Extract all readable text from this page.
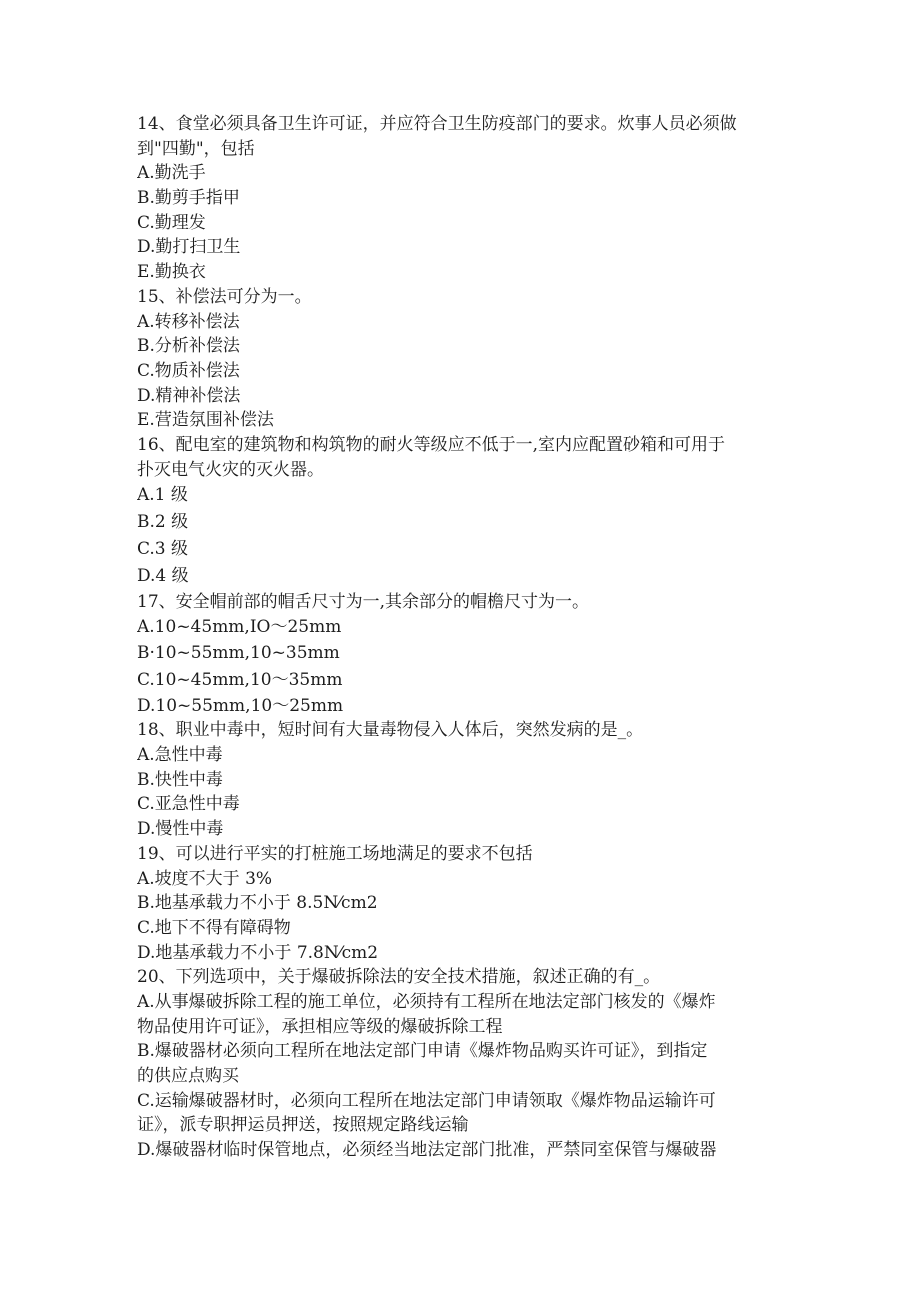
14、食堂必须具备卫生许可证，并应符合卫生防疫部门的要求。炊事人员必须做
到"四勤"，包括
A.勤洗手
B.勤剪手指甲
C.勤理发
D.勤打扫卫生
E.勤换衣
15、补偿法可分为一。
A.转移补偿法
B.分析补偿法
C.物质补偿法
D.精神补偿法
E.营造氛围补偿法
16、配电室的建筑物和构筑物的耐火等级应不低于一,室内应配置砂箱和可用于
扑灭电气火灾的灭火器。
A.1 级
B.2 级
C.3 级
D.4 级
17、安全帽前部的帽舌尺寸为一,其余部分的帽檐尺寸为一。
A.10~45mm,IO～25mm
B·10~55mm,10~35mm
C.10~45mm,10～35mm
D.10~55mm,10～25mm
18、职业中毒中，短时间有大量毒物侵入人体后，突然发病的是_。
A.急性中毒
B.快性中毒
C.亚急性中毒
D.慢性中毒
19、可以进行平实的打桩施工场地满足的要求不包括
A.坡度不大于 3%
B.地基承载力不小于 8.5N⁄cm2
C.地下不得有障碍物
D.地基承载力不小于 7.8N⁄cm2
20、下列选项中，关于爆破拆除法的安全技术措施，叙述正确的有_。
A.从事爆破拆除工程的施工单位，必须持有工程所在地法定部门核发的《爆炸
物品使用许可证》，承担相应等级的爆破拆除工程
B.爆破器材必须向工程所在地法定部门申请《爆炸物品购买许可证》，到指定
的供应点购买
C.运输爆破器材时，必须向工程所在地法定部门申请领取《爆炸物品运输许可
证》，派专职押运员押送，按照规定路线运输
D.爆破器材临时保管地点，必须经当地法定部门批准，严禁同室保管与爆破器
